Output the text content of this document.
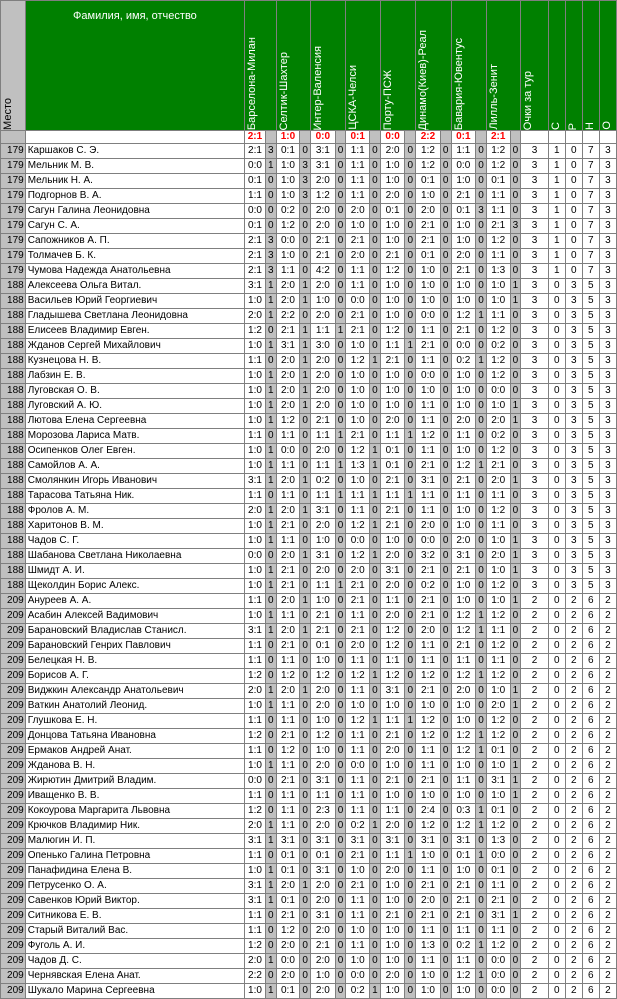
Место	Фамилия, имя, отчество	Барселона-Милан		Селтик-Шахтер		Интер-Валенсия		ЦСКА-Челси		Порту-ПСЖ		Динамо(Киев)-Реал		Бавария-Ювентус		Лилль-Зенит		Очки за тур	С	Р	Н	О

		2:1		1:0		0:0		0:1		0:0		2:2		0:1		2:1						
179	Каршаков С. Э.	2:1	3	0:1	0	3:1	0	1:1	0	2:0	0	1:2	0	1:1	0	1:2	0	3	1	0	7	3
179	Мельник М. В.	0:0	1	1:0	3	3:1	0	1:1	0	1:0	0	1:2	0	0:0	0	1:2	0	3	1	0	7	3
179	Мельник Н. А.	0:1	0	1:0	3	2:0	0	1:1	0	1:0	0	0:1	0	1:0	0	0:1	0	3	1	0	7	3
179	Подгорнов В. А.	1:1	0	1:0	3	1:2	0	1:1	0	2:0	0	1:0	0	2:1	0	1:1	0	3	1	0	7	3
179	Сагун Галина Леонидовна	0:0	0	0:2	0	2:0	0	2:0	0	0:1	0	2:0	0	0:1	3	1:1	0	3	1	0	7	3
179	Сагун С. А.	0:1	0	1:2	0	2:0	0	1:0	0	1:0	0	2:1	0	1:0	0	2:1	3	3	1	0	7	3
179	Сапожников А. П.	2:1	3	0:0	0	2:1	0	2:1	0	1:0	0	2:1	0	1:0	0	1:2	0	3	1	0	7	3
179	Толмачев Б. К.	2:1	3	1:0	0	2:1	0	2:0	0	2:1	0	0:1	0	2:0	0	1:1	0	3	1	0	7	3
179	Чумова Надежда Анатольевна	2:1	3	1:1	0	4:2	0	1:1	0	1:2	0	1:0	0	2:1	0	1:3	0	3	1	0	7	3
188	Алексеева Ольга Витал.	3:1	1	2:0	1	2:0	0	1:1	0	1:0	0	1:0	0	1:0	0	1:0	1	3	0	3	5	3
188	Васильев Юрий Георгиевич	1:0	1	2:0	1	1:0	0	0:0	0	1:0	0	1:0	0	1:0	0	1:0	1	3	0	3	5	3
188	Гладышева Светлана Леонидовна	2:0	1	2:2	0	2:0	0	2:1	0	1:0	0	0:0	0	1:2	1	1:1	0	3	0	3	5	3
188	Елисеев Владимир Евген.	1:2	0	2:1	1	1:1	1	2:1	0	1:2	0	1:1	0	2:1	0	1:2	0	3	0	3	5	3
188	Жданов Сергей Михайлович	1:0	1	3:1	1	3:0	0	1:0	0	1:1	1	2:1	0	0:0	0	0:2	0	3	0	3	5	3
188	Кузнецова Н. В.	1:1	0	2:0	1	2:0	0	1:2	1	2:1	0	1:1	0	0:2	1	1:2	0	3	0	3	5	3
188	Лабзин Е. В.	1:0	1	2:0	1	2:0	0	1:0	0	1:0	0	0:0	0	1:0	0	1:2	0	3	0	3	5	3
188	Луговская О. В.	1:0	1	2:0	1	2:0	0	1:0	0	1:0	0	1:0	0	1:0	0	0:0	0	3	0	3	5	3
188	Луговский А. Ю.	1:0	1	2:0	1	2:0	0	1:0	0	1:0	0	1:1	0	1:0	0	1:0	1	3	0	3	5	3
188	Лютова Елена Сергеевна	1:0	1	1:2	0	2:1	0	1:0	0	2:0	0	1:1	0	2:0	0	2:0	1	3	0	3	5	3
188	Морозова Лариса Матв.	1:1	0	1:1	0	1:1	1	2:1	0	1:1	1	1:2	0	1:1	0	0:2	0	3	0	3	5	3
188	Осипенков Олег Евген.	1:0	1	0:0	0	2:0	0	1:2	1	0:1	0	1:1	0	1:0	0	1:2	0	3	0	3	5	3
188	Самойлов А. А.	1:0	1	1:1	0	1:1	1	1:3	1	0:1	0	2:1	0	1:2	1	2:1	0	3	0	3	5	3
188	Смолянкин Игорь Иванович	3:1	1	2:0	1	0:2	0	1:0	0	2:1	0	3:1	0	2:1	0	2:0	1	3	0	3	5	3
188	Тарасова Татьяна Ник.	1:1	0	1:1	0	1:1	1	1:1	1	1:1	1	1:1	0	1:1	0	1:1	0	3	0	3	5	3
188	Фролов А. М.	2:0	1	2:0	1	3:1	0	1:1	0	2:1	0	1:1	0	1:0	0	1:2	0	3	0	3	5	3
188	Харитонов В. М.	1:0	1	2:1	0	2:0	0	1:2	1	2:1	0	2:0	0	1:0	0	1:1	0	3	0	3	5	3
188	Чадов С. Г.	1:0	1	1:1	0	1:0	0	0:0	0	1:0	0	0:0	0	2:0	0	1:0	1	3	0	3	5	3
188	Шабанова Светлана Николаевна	0:0	0	2:0	1	3:1	0	1:2	1	2:0	0	3:2	0	3:1	0	2:0	1	3	0	3	5	3
188	Шмидт А. И.	1:0	1	2:1	0	2:0	0	2:0	0	3:1	0	2:1	0	2:1	0	1:0	1	3	0	3	5	3
188	Щеколдин Борис Алекс.	1:0	1	2:1	0	1:1	1	2:1	0	2:0	0	0:2	0	1:0	0	1:2	0	3	0	3	5	3
209	Ануреев А. А.	1:1	0	2:0	1	1:0	0	2:1	0	1:1	0	2:1	0	1:0	0	1:0	1	2	0	2	6	2
209	Асабин Алексей Вадимович	1:0	1	1:1	0	2:1	0	1:1	0	2:0	0	2:1	0	1:2	1	1:2	0	2	0	2	6	2
209	Барановский Владислав Станисл.	3:1	1	2:0	1	2:1	0	2:1	0	1:2	0	2:0	0	1:2	1	1:1	0	2	0	2	6	2
209	Барановский Генрих Павлович	1:1	0	2:1	0	0:1	0	2:0	0	1:2	0	1:1	0	2:1	0	1:2	0	2	0	2	6	2
209	Белецкая Н. В.	1:1	0	1:1	0	1:0	0	1:1	0	1:1	0	1:1	0	1:1	0	1:1	0	2	0	2	6	2
209	Борисов А. Г.	1:2	0	1:2	0	1:2	0	1:2	1	1:2	0	1:2	0	1:2	1	1:2	0	2	0	2	6	2
209	Виджкин Александр Анатольевич	2:0	1	2:0	1	2:0	0	1:1	0	3:1	0	2:1	0	2:0	0	1:0	1	2	0	2	6	2
209	Ваткин Анатолий Леонид.	1:0	1	1:1	0	2:0	0	1:0	0	1:0	0	1:0	0	1:0	0	2:0	1	2	0	2	6	2
209	Глушкова Е. Н.	1:1	0	1:1	0	1:0	0	1:2	1	1:1	1	1:2	0	1:0	0	1:2	0	2	0	2	6	2
209	Донцова Татьяна Ивановна	1:2	0	2:1	0	1:2	0	1:1	0	2:1	0	1:2	0	1:2	1	1:2	0	2	0	2	6	2
209	Ермаков Андрей Анат.	1:1	0	1:2	0	1:0	0	1:1	0	2:0	0	1:1	0	1:2	1	0:1	0	2	0	2	6	2
209	Жданова В. Н.	1:0	1	1:1	0	2:0	0	0:0	0	1:0	0	1:1	0	1:0	0	1:0	1	2	0	2	6	2
209	Жирютин Дмитрий Владим.	0:0	0	2:1	0	3:1	0	1:1	0	2:1	0	2:1	0	1:1	0	3:1	1	2	0	2	6	2
209	Иващенко В. В.	1:1	0	1:1	0	1:1	0	1:1	0	1:0	0	1:0	0	1:0	0	1:0	1	2	0	2	6	2
209	Кокоурова Маргарита Львовна	1:2	0	1:1	0	2:3	0	1:1	0	1:1	0	2:4	0	0:3	1	0:1	0	2	0	2	6	2
209	Крючков Владимир Ник.	2:0	1	1:1	0	2:0	0	0:2	1	2:0	0	1:2	0	1:2	1	1:2	0	2	0	2	6	2
209	Малюгин И. П.	3:1	1	3:1	0	3:1	0	3:1	0	3:1	0	3:1	0	3:1	0	1:3	0	2	0	2	6	2
209	Опенько Галина Петровна	1:1	0	0:1	0	0:1	0	2:1	0	1:1	1	1:0	0	0:1	1	0:0	0	2	0	2	6	2
209	Панафидина Елена В.	1:0	1	0:1	0	3:1	0	1:0	0	2:0	0	1:1	0	1:0	0	0:1	0	2	0	2	6	2
209	Петрусенко О. А.	3:1	1	2:0	1	2:0	0	2:1	0	1:0	0	2:1	0	2:1	0	1:1	0	2	0	2	6	2
209	Савенков Юрий Виктор.	3:1	1	0:1	0	2:0	0	1:1	0	1:0	0	2:0	0	2:1	0	2:1	0	2	0	2	6	2
209	Ситникова Е. В.	1:1	0	2:1	0	3:1	0	1:1	0	2:1	0	2:1	0	2:1	0	3:1	1	2	0	2	6	2
209	Старый Виталий Вас.	1:1	0	1:2	0	2:0	0	1:0	0	1:0	0	1:1	0	1:1	0	1:1	0	2	0	2	6	2
209	Фуголь А. И.	1:2	0	2:0	0	2:1	0	1:1	0	1:0	0	1:3	0	0:2	1	1:2	0	2	0	2	6	2
209	Чадов Д. С.	2:0	1	0:0	0	2:0	0	1:0	0	1:0	0	1:1	0	1:1	0	0:0	0	2	0	2	6	2
209	Чернявская Елена Анат.	2:2	0	2:0	0	1:0	0	0:0	0	2:0	0	1:0	0	1:2	1	0:0	0	2	0	2	6	2
209	Шукало Марина Сергеевна	1:0	1	0:1	0	2:0	0	0:2	1	1:0	0	1:0	0	1:0	0	0:0	0	2	0	2	6	2
